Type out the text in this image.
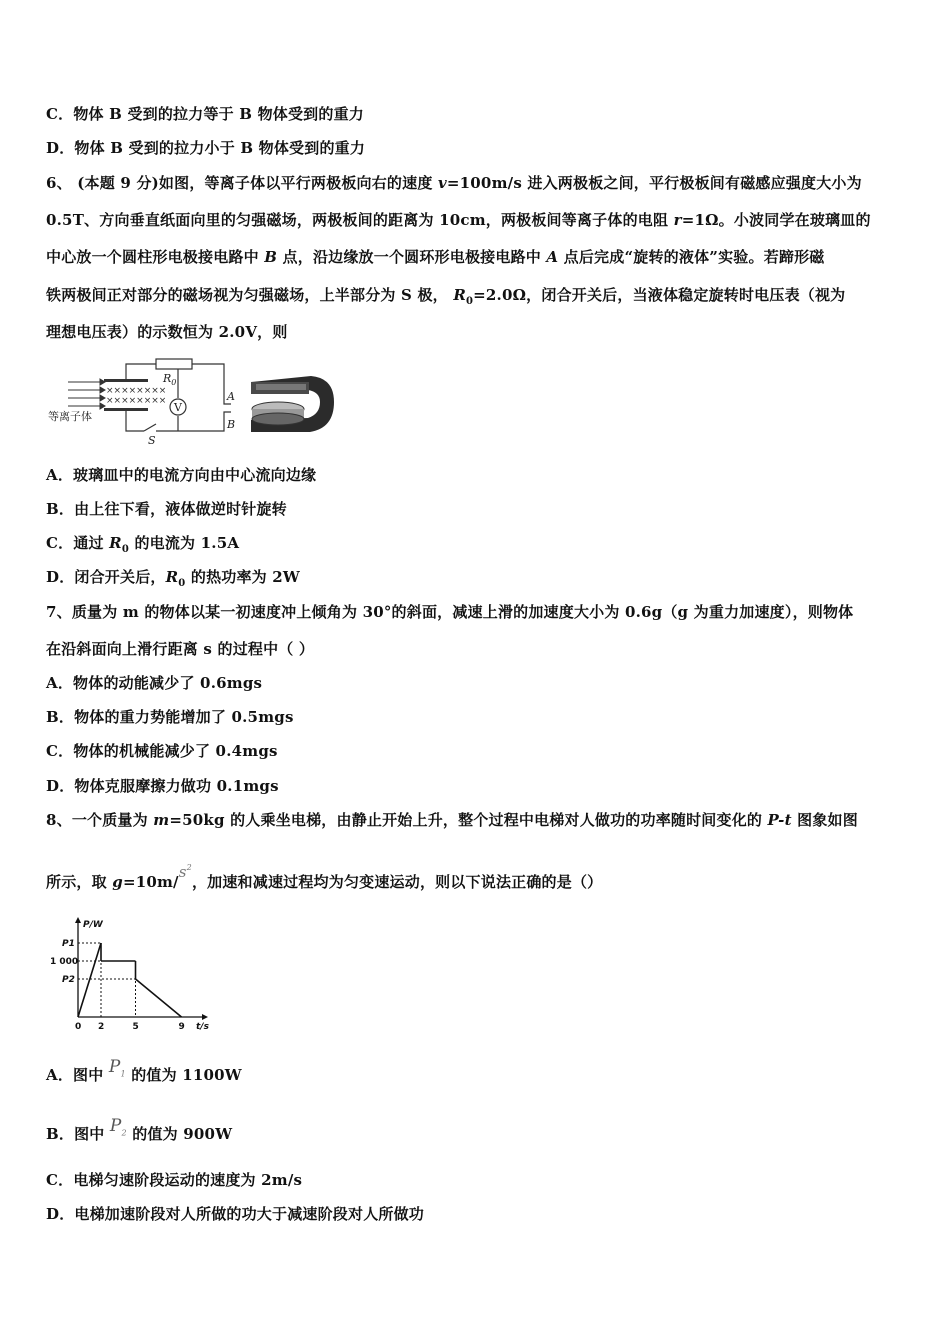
C．物体 B 受到的拉力等于 B 物体受到的重力
D．物体 B 受到的拉力小于 B 物体受到的重力
6、 (本题 9 分)如图，等离子体以平行两极板向右的速度 v=100m/s 进入两极板之间，平行极板间有磁感应强度大小为
0.5T、方向垂直纸面向里的匀强磁场，两极板间的距离为 10cm，两极板间等离子体的电阻 r=1Ω。小波同学在玻璃皿的
中心放一个圆柱形电极接电路中 B 点，沿边缘放一个圆环形电极接电路中 A 点后完成“旋转的液体”实验。若蹄形磁
铁两极间正对部分的磁场视为匀强磁场，上半部分为 S 极， $R_0=2.0\Omega$，闭合开关后，当液体稳定旋转时电压表（视为
理想电压表）的示数恒为 2.0V，则
等离子体
××××××××
××××××××
$R_0$
V
S
A
B
A．玻璃皿中的电流方向由中心流向边缘
B．由上往下看，液体做逆时针旋转
C．通过 $R_0$ 的电流为 1.5A
D．闭合开关后，$R_0$ 的热功率为 2W
7、质量为 m 的物体以某一初速度冲上倾角为 30°的斜面，减速上滑的加速度大小为 0.6g（g 为重力加速度），则物体
在沿斜面向上滑行距离 s 的过程中（ ）
A．物体的动能减少了 0.6mgs
B．物体的重力势能增加了 0.5mgs
C．物体的机械能减少了 0.4mgs
D．物体克服摩擦力做功 0.1mgs
8、一个质量为 m=50kg 的人乘坐电梯，由静止开始上升，整个过程中电梯对人做功的功率随时间变化的 P-t 图象如图
所示，取 $g=10m/s^2$，加速和减速过程均为匀变速运动，则以下说法正确的是（）
P/W
t/s
P1
1 000
P2
0 2	5	9
A．图中 $P_1$ 的值为 1100W
B．图中 $P_2$ 的值为 900W
C．电梯匀速阶段运动的速度为 2m/s
D．电梯加速阶段对人所做的功大于减速阶段对人所做功
